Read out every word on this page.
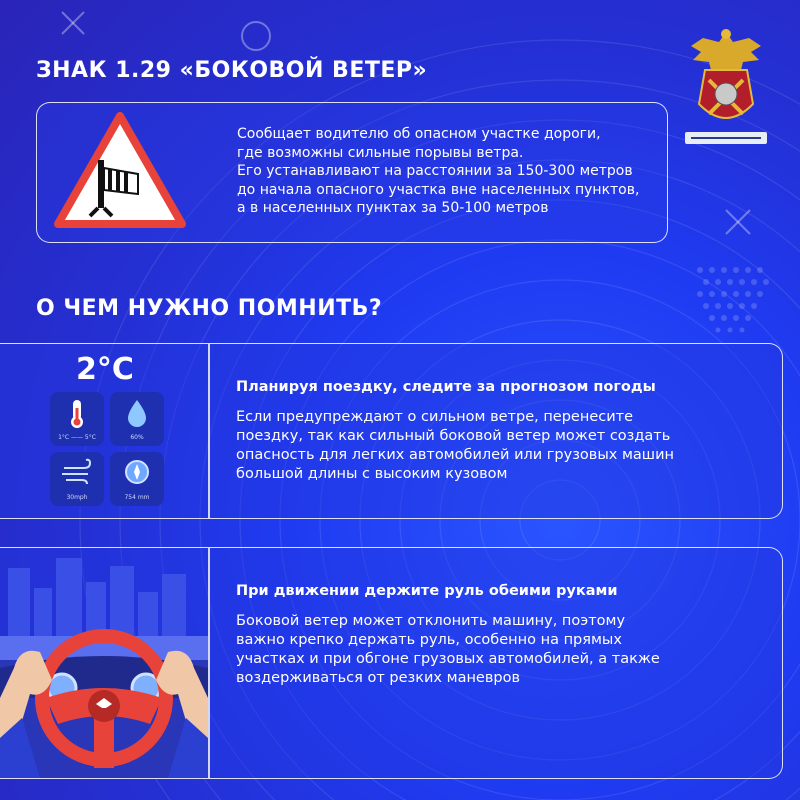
ЗНАК 1.29 «БОКОВОЙ ВЕТЕР»
Сообщает водителю об опасном участке дороги,
где возможны сильные порывы ветра.
Его устанавливают на расстоянии за 150-300 метров
до начала опасного участка вне населенных пунктов,
а в населенных пунктах за 50-100 метров
О ЧЕМ НУЖНО ПОМНИТЬ?
Планируя поездку, следите за прогнозом погоды
Если предупреждают о сильном ветре, перенесите
поездку, так как сильный боковой ветер может создать
опасность для легких автомобилей или грузовых машин
большой длины с высоким кузовом
2°C
1°C —— 5°C	60%
30mph	754 mm
При движении держите руль обеими руками
Боковой ветер может отклонить машину, поэтому
важно крепко держать руль, особенно на прямых
участках и при обгоне грузовых автомобилей, а также
воздерживаться от резких маневров
